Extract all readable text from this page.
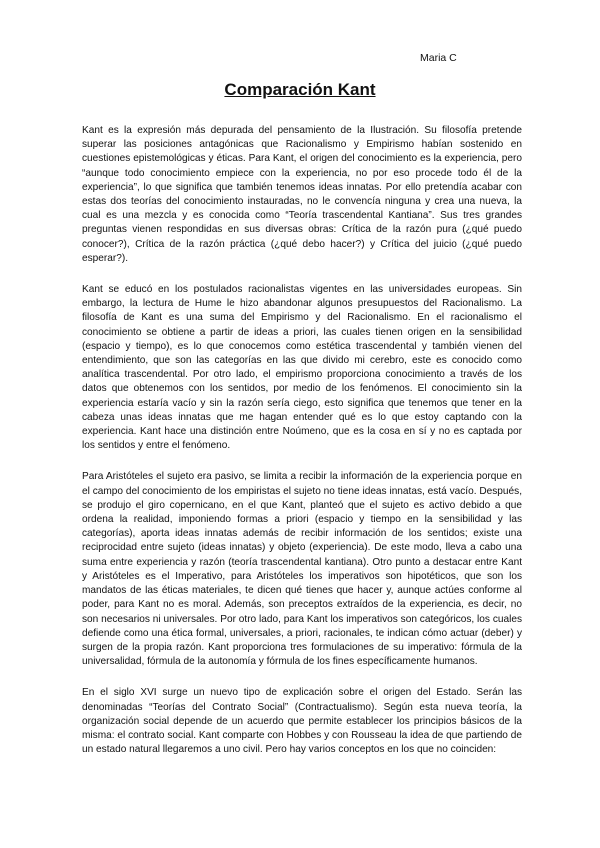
Maria C
Comparación Kant

Kant es la expresión más depurada del pensamiento de la Ilustración. Su filosofía pretende superar las posiciones antagónicas que Racionalismo y Empirismo habían sostenido en cuestiones epistemológicas y éticas. Para Kant, el origen del conocimiento es la experiencia, pero “aunque todo conocimiento empiece con la experiencia, no por eso procede todo él de la experiencia”, lo que significa que también tenemos ideas innatas. Por ello pretendía acabar con estas dos teorías del conocimiento instauradas, no le convencía ninguna y crea una nueva, la cual es una mezcla y es conocida como “Teoría trascendental Kantiana”. Sus tres grandes preguntas vienen respondidas en sus diversas obras: Crítica de la razón pura (¿qué puedo conocer?), Crítica de la razón práctica (¿qué debo hacer?) y Crítica del juicio (¿qué puedo esperar?).

Kant se educó en los postulados racionalistas vigentes en las universidades europeas. Sin embargo, la lectura de Hume le hizo abandonar algunos presupuestos del Racionalismo. La filosofía de Kant es una suma del Empirismo y del Racionalismo. En el racionalismo el conocimiento se obtiene a partir de ideas a priori, las cuales tienen origen en la sensibilidad (espacio y tiempo), es lo que conocemos como estética trascendental y también vienen del entendimiento, que son las categorías en las que divido mi cerebro, este es conocido como analítica trascendental. Por otro lado, el empirismo proporciona conocimiento a través de los datos que obtenemos con los sentidos, por medio de los fenómenos. El conocimiento sin la experiencia estaría vacío y sin la razón sería ciego, esto significa que tenemos que tener en la cabeza unas ideas innatas que me hagan entender qué es lo que estoy captando con la experiencia. Kant hace una distinción entre Noúmeno, que es la cosa en sí y no es captada por los sentidos y entre el fenómeno.

Para Aristóteles el sujeto era pasivo, se limita a recibir la información de la experiencia porque en el campo del conocimiento de los empiristas el sujeto no tiene ideas innatas, está vacío. Después, se produjo el giro copernicano, en el que Kant, planteó que el sujeto es activo debido a que ordena la realidad, imponiendo formas a priori (espacio y tiempo en la sensibilidad y las categorías), aporta ideas innatas además de recibir información de los sentidos; existe una reciprocidad entre sujeto (ideas innatas) y objeto (experiencia). De este modo, lleva a cabo una suma entre experiencia y razón (teoría trascendental kantiana). Otro punto a destacar entre Kant y Aristóteles es el Imperativo, para Aristóteles los imperativos son hipotéticos, que son los mandatos de las éticas materiales, te dicen qué tienes que hacer y, aunque actúes conforme al poder, para Kant no es moral. Además, son preceptos extraídos de la experiencia, es decir, no son necesarios ni universales. Por otro lado, para Kant los imperativos son categóricos, los cuales defiende como una ética formal, universales, a priori, racionales, te indican cómo actuar (deber) y surgen de la propia razón. Kant proporciona tres formulaciones de su imperativo: fórmula de la universalidad, fórmula de la autonomía y fórmula de los fines específicamente humanos.

En el siglo XVI surge un nuevo tipo de explicación sobre el origen del Estado. Serán las denominadas “Teorías del Contrato Social” (Contractualismo). Según esta nueva teoría, la organización social depende de un acuerdo que permite establecer los principios básicos de la misma: el contrato social. Kant comparte con Hobbes y con Rousseau la idea de que partiendo de un estado natural llegaremos a uno civil. Pero hay varios conceptos en los que no coinciden:
